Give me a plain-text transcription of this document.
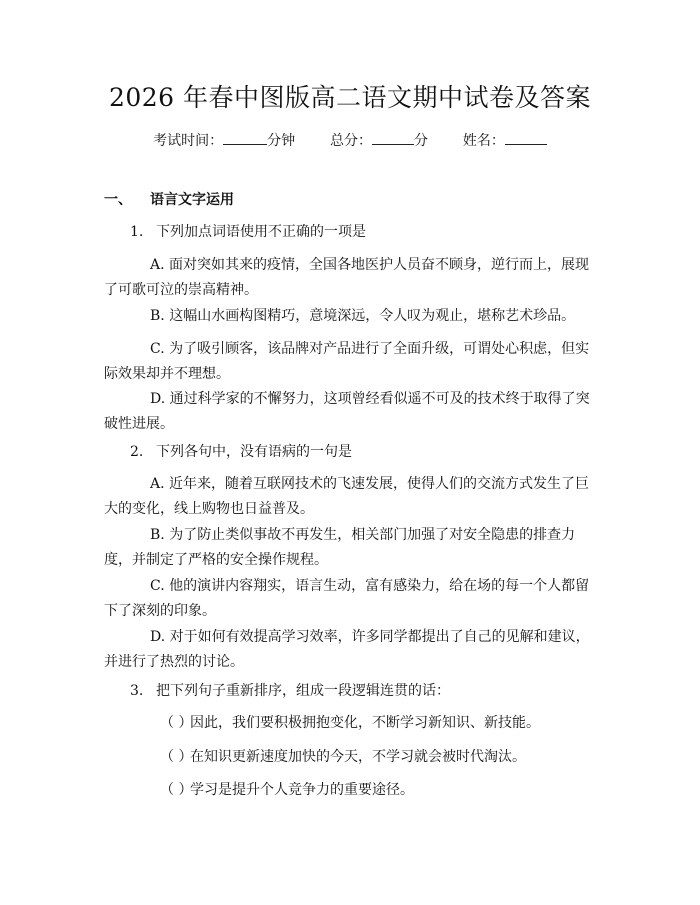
2026 年春中图版高二语文期中试卷及答案
考试时间：	分钟 总分：	分 姓名：
一、 语言文字运用
1. 下列加点词语使用不正确的一项是
A. 面对突如其来的疫情，全国各地医护人员奋不顾身，逆行而上，展现
了可歌可泣的崇高精神。
B. 这幅山水画构图精巧，意境深远，令人叹为观止，堪称艺术珍品。
C. 为了吸引顾客，该品牌对产品进行了全面升级，可谓处心积虑，但实
际效果却并不理想。
D. 通过科学家的不懈努力，这项曾经看似遥不可及的技术终于取得了突
破性进展。
2. 下列各句中，没有语病的一句是
A. 近年来，随着互联网技术的飞速发展，使得人们的交流方式发生了巨
大的变化，线上购物也日益普及。
B. 为了防止类似事故不再发生，相关部门加强了对安全隐患的排查力
度，并制定了严格的安全操作规程。
C. 他的演讲内容翔实，语言生动，富有感染力，给在场的每一个人都留
下了深刻的印象。
D. 对于如何有效提高学习效率，许多同学都提出了自己的见解和建议，
并进行了热烈的讨论。
3. 把下列句子重新排序，组成一段逻辑连贯的话：
（ ）因此，我们要积极拥抱变化，不断学习新知识、新技能。
（ ）在知识更新速度加快的今天，不学习就会被时代淘汰。
（ ）学习是提升个人竞争力的重要途径。
